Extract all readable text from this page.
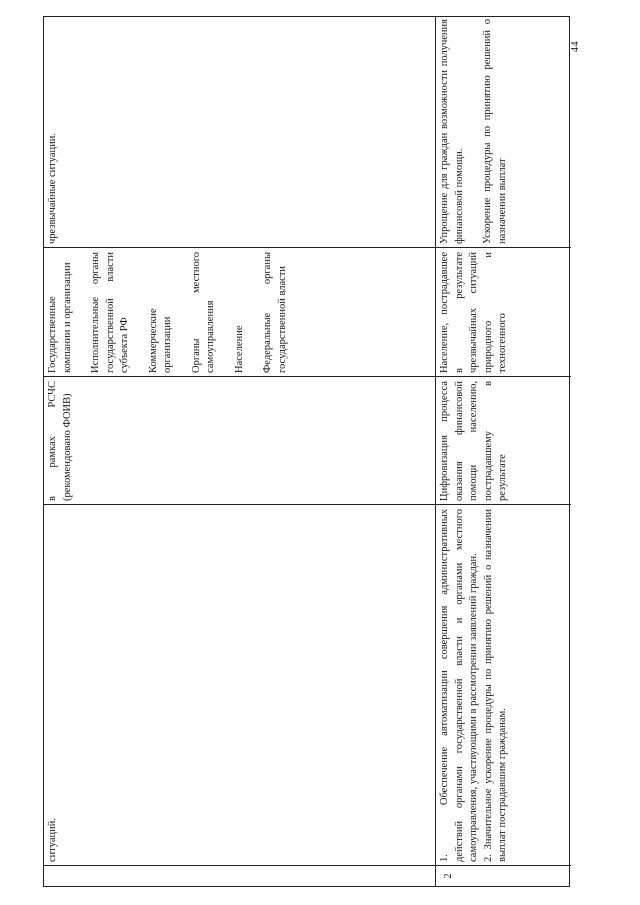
44

ситуаций.

в рамках РСЧС (рекомендовано ФОИВ)

Государственные компании и организации Исполнительные органы государственной власти субъекта РФ Коммерческие организации Органы местного самоуправления Население Федеральные органы государственной власти

чрезвычайные ситуации.

2

1. Обеспечение автоматизации совершения административных действий органами государственной власти и органами местного самоуправления, участвующими в рассмотрении заявлений граждан. 2. Значительное ускорение процедуры по принятию решений о назначении выплат пострадавшим гражданам.

Цифровизация процесса оказания финансовой помощи населению, пострадавшему в результате

Население, пострадавшее в результате чрезвычайных ситуаций природного и техногенного

Упрощение для граждан возможности получения финансовой помощи. Ускорение процедуры по принятию решений о назначении выплат
